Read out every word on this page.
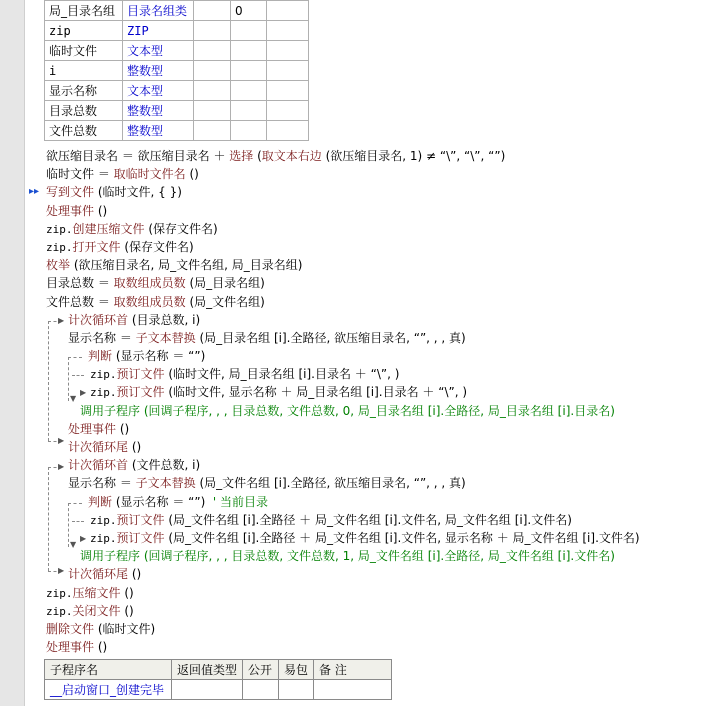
局_目录名组	目录名组类		0	
zip	ZIP			
临时文件	文本型			
i	整数型			
显示名称	文本型			
目录总数	整数型			
文件总数	整数型			
▶
▶
▶
▼
▶
▶
▶
▼
欲压缩目录名 ＝ 欲压缩目录名 ＋ 选择 (取文本右边 (欲压缩目录名, 1) ≠ “\”, “\”, “”)
临时文件 ＝ 取临时文件名 ()
▸▸ 写到文件 (临时文件, { })
处理事件 ()
zip.创建压缩文件 (保存文件名)
zip.打开文件 (保存文件名)
枚举 (欲压缩目录名, 局_文件名组, 局_目录名组)
目录总数 ＝ 取数组成员数 (局_目录名组)
文件总数 ＝ 取数组成员数 (局_文件名组)
计次循环首 (目录总数, i)
显示名称 ＝ 子文本替换 (局_目录名组 [i].全路径, 欲压缩目录名, “”, , , 真)
判断 (显示名称 ＝ “”)
zip.预订文件 (临时文件, 局_目录名组 [i].目录名 ＋ “\”, )
zip.预订文件 (临时文件, 显示名称 ＋ 局_目录名组 [i].目录名 ＋ “\”, )
调用子程序 (回调子程序, , , 目录总数, 文件总数, 0, 局_目录名组 [i].全路径, 局_目录名组 [i].目录名)
处理事件 ()
计次循环尾 ()
计次循环首 (文件总数, i)
显示名称 ＝ 子文本替换 (局_文件名组 [i].全路径, 欲压缩目录名, “”, , , 真)
判断 (显示名称 ＝ “”)  ' 当前目录
zip.预订文件 (局_文件名组 [i].全路径 ＋ 局_文件名组 [i].文件名, 局_文件名组 [i].文件名)
zip.预订文件 (局_文件名组 [i].全路径 ＋ 局_文件名组 [i].文件名, 显示名称 ＋ 局_文件名组 [i].文件名)
调用子程序 (回调子程序, , , 目录总数, 文件总数, 1, 局_文件名组 [i].全路径, 局_文件名组 [i].文件名)
计次循环尾 ()
zip.压缩文件 ()
zip.关闭文件 ()
删除文件 (临时文件)
处理事件 ()
子程序名	返回值类型	公开	易包	备 注
__启动窗口_创建完毕				
